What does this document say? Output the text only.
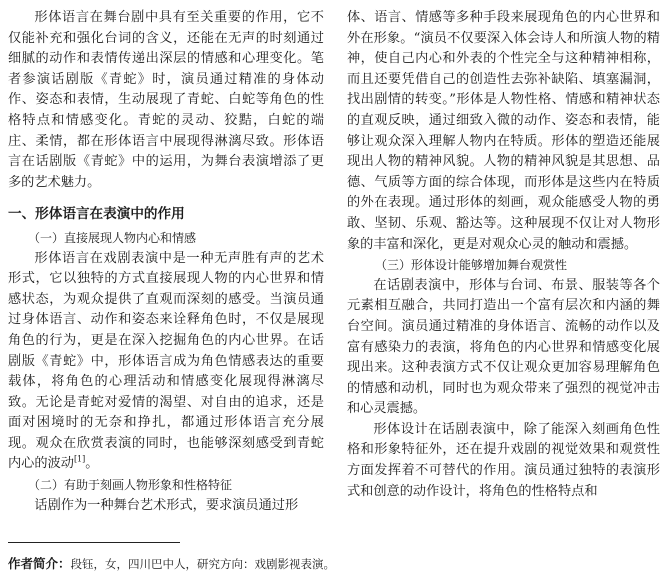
形体语言在舞台剧中具有至关重要的作用，它不仅能补充和强化台词的含义，还能在无声的时刻通过细腻的动作和表情传递出深层的情感和心理变化。笔者参演话剧版《青蛇》时，演员通过精准的身体动作、姿态和表情，生动展现了青蛇、白蛇等角色的性格特点和情感变化。青蛇的灵动、狡黠，白蛇的端庄、柔情，都在形体语言中展现得淋漓尽致。形体语言在话剧版《青蛇》中的运用，为舞台表演增添了更多的艺术魅力。

一、形体语言在表演中的作用
（一）直接展现人物内心和情感

形体语言在戏剧表演中是一种无声胜有声的艺术形式，它以独特的方式直接展现人物的内心世界和情感状态，为观众提供了直观而深刻的感受。当演员通过身体语言、动作和姿态来诠释角色时，不仅是展现角色的行为，更是在深入挖掘角色的内心世界。在话剧版《青蛇》中，形体语言成为角色情感表达的重要载体，将角色的心理活动和情感变化展现得淋漓尽致。无论是青蛇对爱情的渴望、对自由的追求，还是面对困境时的无奈和挣扎，都通过形体语言充分展现。观众在欣赏表演的同时，也能够深刻感受到青蛇内心的波动[1]。

（二）有助于刻画人物形象和性格特征

话剧作为一种舞台艺术形式，要求演员通过形

体、语言、情感等多种手段来展现角色的内心世界和外在形象。“演员不仅要深入体会诗人和所演人物的精神，使自己内心和外表的个性完全与这种精神相称，而且还要凭借自己的创造性去弥补缺陷、填塞漏洞，找出剧情的转变。”形体是人物性格、情感和精神状态的直观反映，通过细致入微的动作、姿态和表情，能够让观众深入理解人物内在特质。形体的塑造还能展现出人物的精神风貌。人物的精神风貌是其思想、品德、气质等方面的综合体现，而形体是这些内在特质的外在表现。通过形体的刻画，观众能感受人物的勇敢、坚韧、乐观、豁达等。这种展现不仅让对人物形象的丰富和深化，更是对观众心灵的触动和震撼。

（三）形体设计能够增加舞台观赏性

在话剧表演中，形体与台词、布景、服装等各个元素相互融合，共同打造出一个富有层次和内涵的舞台空间。演员通过精准的身体语言、流畅的动作以及富有感染力的表演，将角色的内心世界和情感变化展现出来。这种表演方式不仅让观众更加容易理解角色的情感和动机，同时也为观众带来了强烈的视觉冲击和心灵震撼。

形体设计在话剧表演中，除了能深入刻画角色性格和形象特征外，还在提升戏剧的视觉效果和观赏性方面发挥着不可替代的作用。演员通过独特的表演形式和创意的动作设计，将角色的性格特点和

作者简介：段钰，女，四川巴中人，研究方向：戏剧影视表演。
